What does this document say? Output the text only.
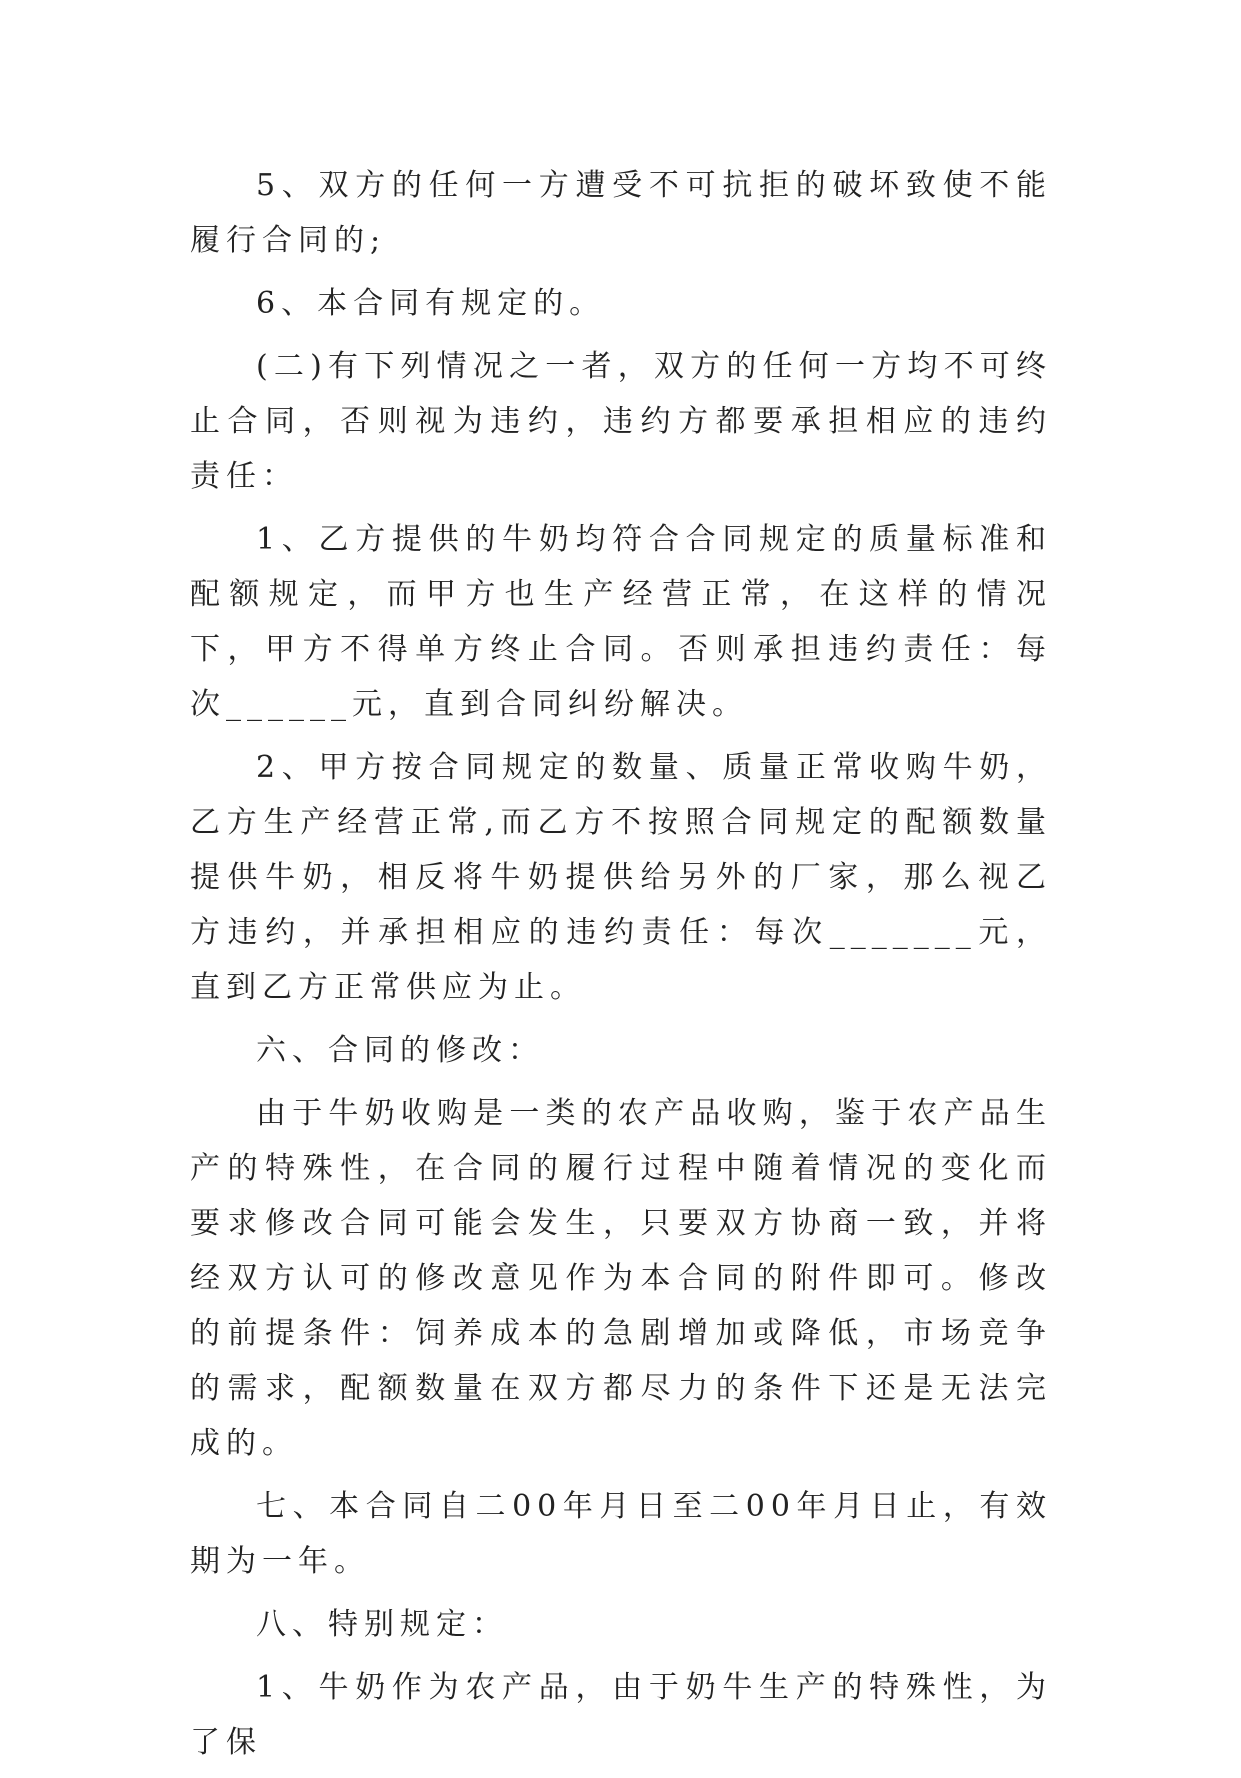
5、双方的任何一方遭受不可抗拒的破坏致使不能履行合同的;

6、本合同有规定的。

(二)有下列情况之一者，双方的任何一方均不可终止合同，否则视为违约，违约方都要承担相应的违约责任：

1、乙方提供的牛奶均符合合同规定的质量标准和配额规定，而甲方也生产经营正常，在这样的情况下，甲方不得单方终止合同。否则承担违约责任：每次______元，直到合同纠纷解决。

2、甲方按合同规定的数量、质量正常收购牛奶，乙方生产经营正常,而乙方不按照合同规定的配额数量提供牛奶，相反将牛奶提供给另外的厂家，那么视乙方违约，并承担相应的违约责任：每次_______元，直到乙方正常供应为止。

六、合同的修改：

由于牛奶收购是一类的农产品收购，鉴于农产品生产的特殊性，在合同的履行过程中随着情况的变化而要求修改合同可能会发生，只要双方协商一致，并将经双方认可的修改意见作为本合同的附件即可。修改的前提条件：饲养成本的急剧增加或降低，市场竞争的需求，配额数量在双方都尽力的条件下还是无法完成的。

七、本合同自二00年月日至二00年月日止，有效期为一年。

八、特别规定：

1、牛奶作为农产品，由于奶牛生产的特殊性，为了保
